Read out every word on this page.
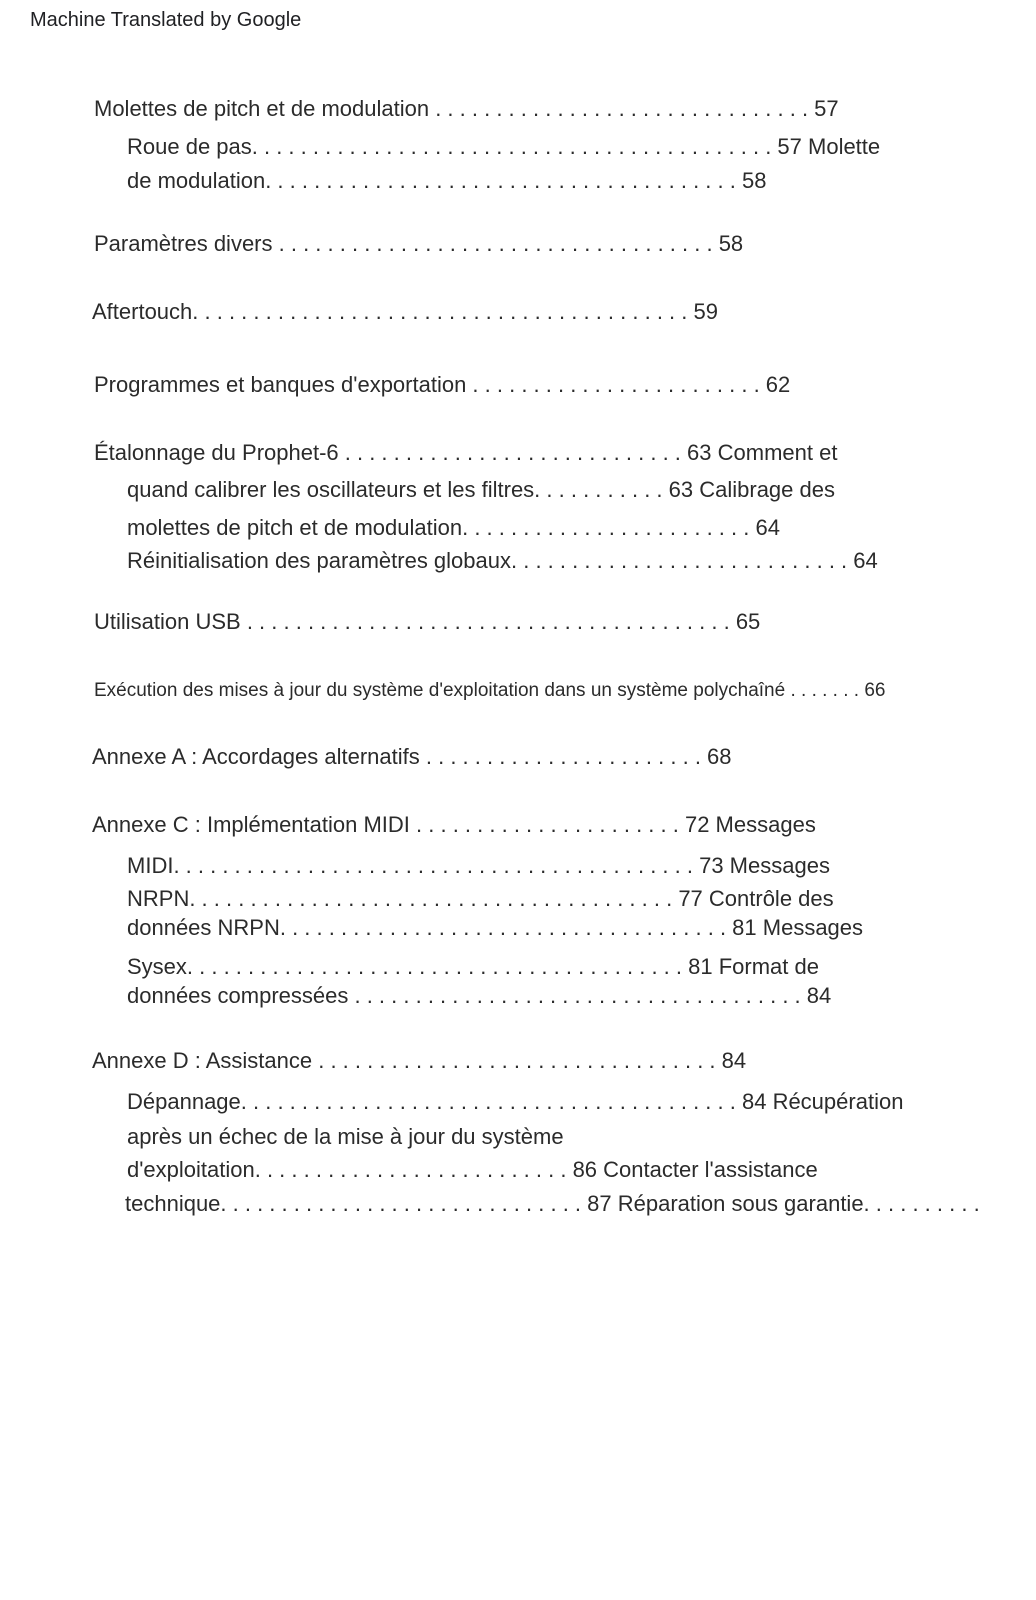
Machine Translated by Google
Molettes de pitch et de modulation . . . . . . . . . . . . . . . . . . . . . . . . . . . . . . . 57
Roue de pas. . . . . . . . . . . . . . . . . . . . . . . . . . . . . . . . . . . . . . . . . . . 57 Molette
de modulation. . . . . . . . . . . . . . . . . . . . . . . . . . . . . . . . . . . . . . . 58
Paramètres divers . . . . . . . . . . . . . . . . . . . . . . . . . . . . . . . . . . . . 58
Aftertouch. . . . . . . . . . . . . . . . . . . . . . . . . . . . . . . . . . . . . . . . . 59
Programmes et banques d'exportation . . . . . . . . . . . . . . . . . . . . . . . . 62
Étalonnage du Prophet-6 . . . . . . . . . . . . . . . . . . . . . . . . . . . . 63 Comment et
quand calibrer les oscillateurs et les filtres. . . . . . . . . . . 63 Calibrage des
molettes de pitch et de modulation. . . . . . . . . . . . . . . . . . . . . . . . 64
Réinitialisation des paramètres globaux. . . . . . . . . . . . . . . . . . . . . . . . . . . . 64
Utilisation USB . . . . . . . . . . . . . . . . . . . . . . . . . . . . . . . . . . . . . . . . 65
Exécution des mises à jour du système d'exploitation dans un système polychaîné . . . . . . . 66
Annexe A : Accordages alternatifs . . . . . . . . . . . . . . . . . . . . . . . 68
Annexe C : Implémentation MIDI . . . . . . . . . . . . . . . . . . . . . . 72 Messages
MIDI. . . . . . . . . . . . . . . . . . . . . . . . . . . . . . . . . . . . . . . . . . . 73 Messages
NRPN. . . . . . . . . . . . . . . . . . . . . . . . . . . . . . . . . . . . . . . . 77 Contrôle des
données NRPN. . . . . . . . . . . . . . . . . . . . . . . . . . . . . . . . . . . . . 81 Messages
Sysex. . . . . . . . . . . . . . . . . . . . . . . . . . . . . . . . . . . . . . . . . 81 Format de
données compressées . . . . . . . . . . . . . . . . . . . . . . . . . . . . . . . . . . . . . 84
Annexe D : Assistance . . . . . . . . . . . . . . . . . . . . . . . . . . . . . . . . . 84
Dépannage. . . . . . . . . . . . . . . . . . . . . . . . . . . . . . . . . . . . . . . . . 84 Récupération
après un échec de la mise à jour du système
d'exploitation. . . . . . . . . . . . . . . . . . . . . . . . . . 86 Contacter l'assistance
technique. . . . . . . . . . . . . . . . . . . . . . . . . . . . . . 87 Réparation sous garantie. . . . . . . . . .
